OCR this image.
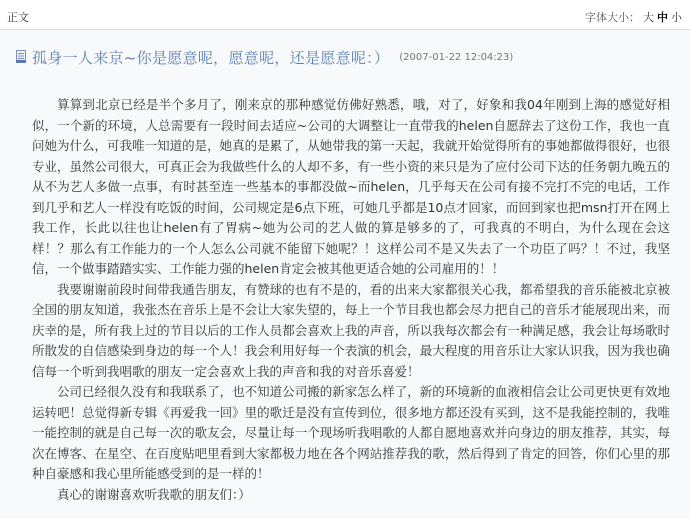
正文	字体大小： 大 中 小
孤身一人来京~你是愿意呢，愿意呢，还是愿意呢：） (2007-01-22 12:04:23)

算算到北京已经是半个多月了，刚来京的那种感觉仿佛好熟悉，哦，对了，好象和我04年刚到上海的感觉好相似，一个新的环境，人总需要有一段时间去适应~公司的大调整让一直带我的helen自愿辞去了这份工作，我也一直问她为什么，可我唯一知道的是，她真的是累了，从她带我的第一天起，我就开始觉得所有的事她都做得很好，也很专业，虽然公司很大，可真正会为我做些什么的人却不多，有一些小资的来只是为了应付公司下达的任务朝九晚五的从不为艺人多做一点事，有时甚至连一些基本的事都没做~而helen，几乎每天在公司有接不完打不完的电话，工作到几乎和艺人一样没有吃饭的时间，公司规定是6点下班，可她几乎都是10点才回家，而回到家也把msn打开在网上我工作，长此以往也让helen有了胃病~她为公司的艺人做的算是够多的了，可我真的不明白，为什么现在会这样！？那么有工作能力的一个人怎么公司就不能留下她呢？！这样公司不是又失去了一个功臣了吗？！不过，我坚信，一个做事踏踏实实、工作能力强的helen肯定会被其他更适合她的公司雇用的！！

我要谢谢前段时间带我通告朋友，有赞球的也有不是的，看的出来大家都很关心我，都希望我的音乐能被北京被全国的朋友知道，我张杰在音乐上是不会让大家失望的，每上一个节目我也都会尽力把自己的音乐才能展现出来，而庆幸的是，所有我上过的节目以后的工作人员都会喜欢上我的声音，所以我每次都会有一种满足感，我会让每场歌时所散发的自信感染到身边的每一个人！我会利用好每一个表演的机会，最大程度的用音乐让大家认识我，因为我也确信每一个听到我唱歌的朋友一定会喜欢上我的声音和我的对音乐喜爱！

公司已经很久没有和我联系了，也不知道公司搬的新家怎么样了，新的环境新的血液相信会让公司更快更有效地运转吧！总觉得新专辑《再爱我一回》里的歌迁是没有宣传到位，很多地方都还没有买到，这不是我能控制的，我唯一能控制的就是自己每一次的歌友会，尽量让每一个现场听我唱歌的人都自愿地喜欢并向身边的朋友推荐，其实，每次在博客、在星空、在百度贴吧里看到大家都极力地在各个网站推荐我的歌，然后得到了肯定的回答，你们心里的那种自豪感和我心里所能感受到的是一样的！

真心的谢谢喜欢听我歌的朋友们：）
